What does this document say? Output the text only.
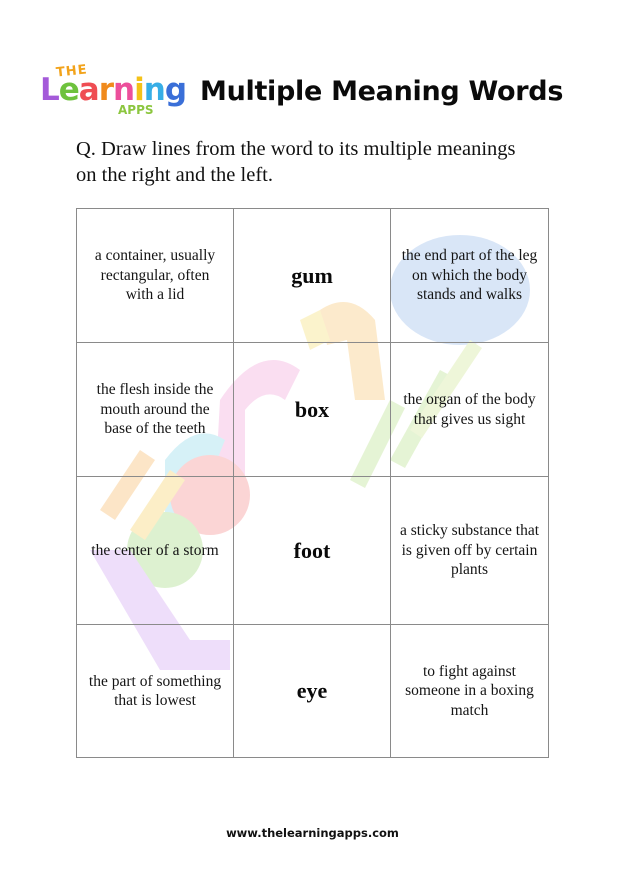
THE
Learning
APPS
Multiple Meaning Words
Q. Draw lines from the word to its multiple meanings
on the right and the left.
a container, usually rectangular, often with a lid	gum	the end part of the leg on which the body stands and walks
the flesh inside the mouth around the base of the teeth	box	the organ of the body that gives us sight
the center of a storm	foot	a sticky substance that is given off by certain plants
the part of something that is lowest	eye	to fight against someone in a boxing match
www.thelearningapps.com
